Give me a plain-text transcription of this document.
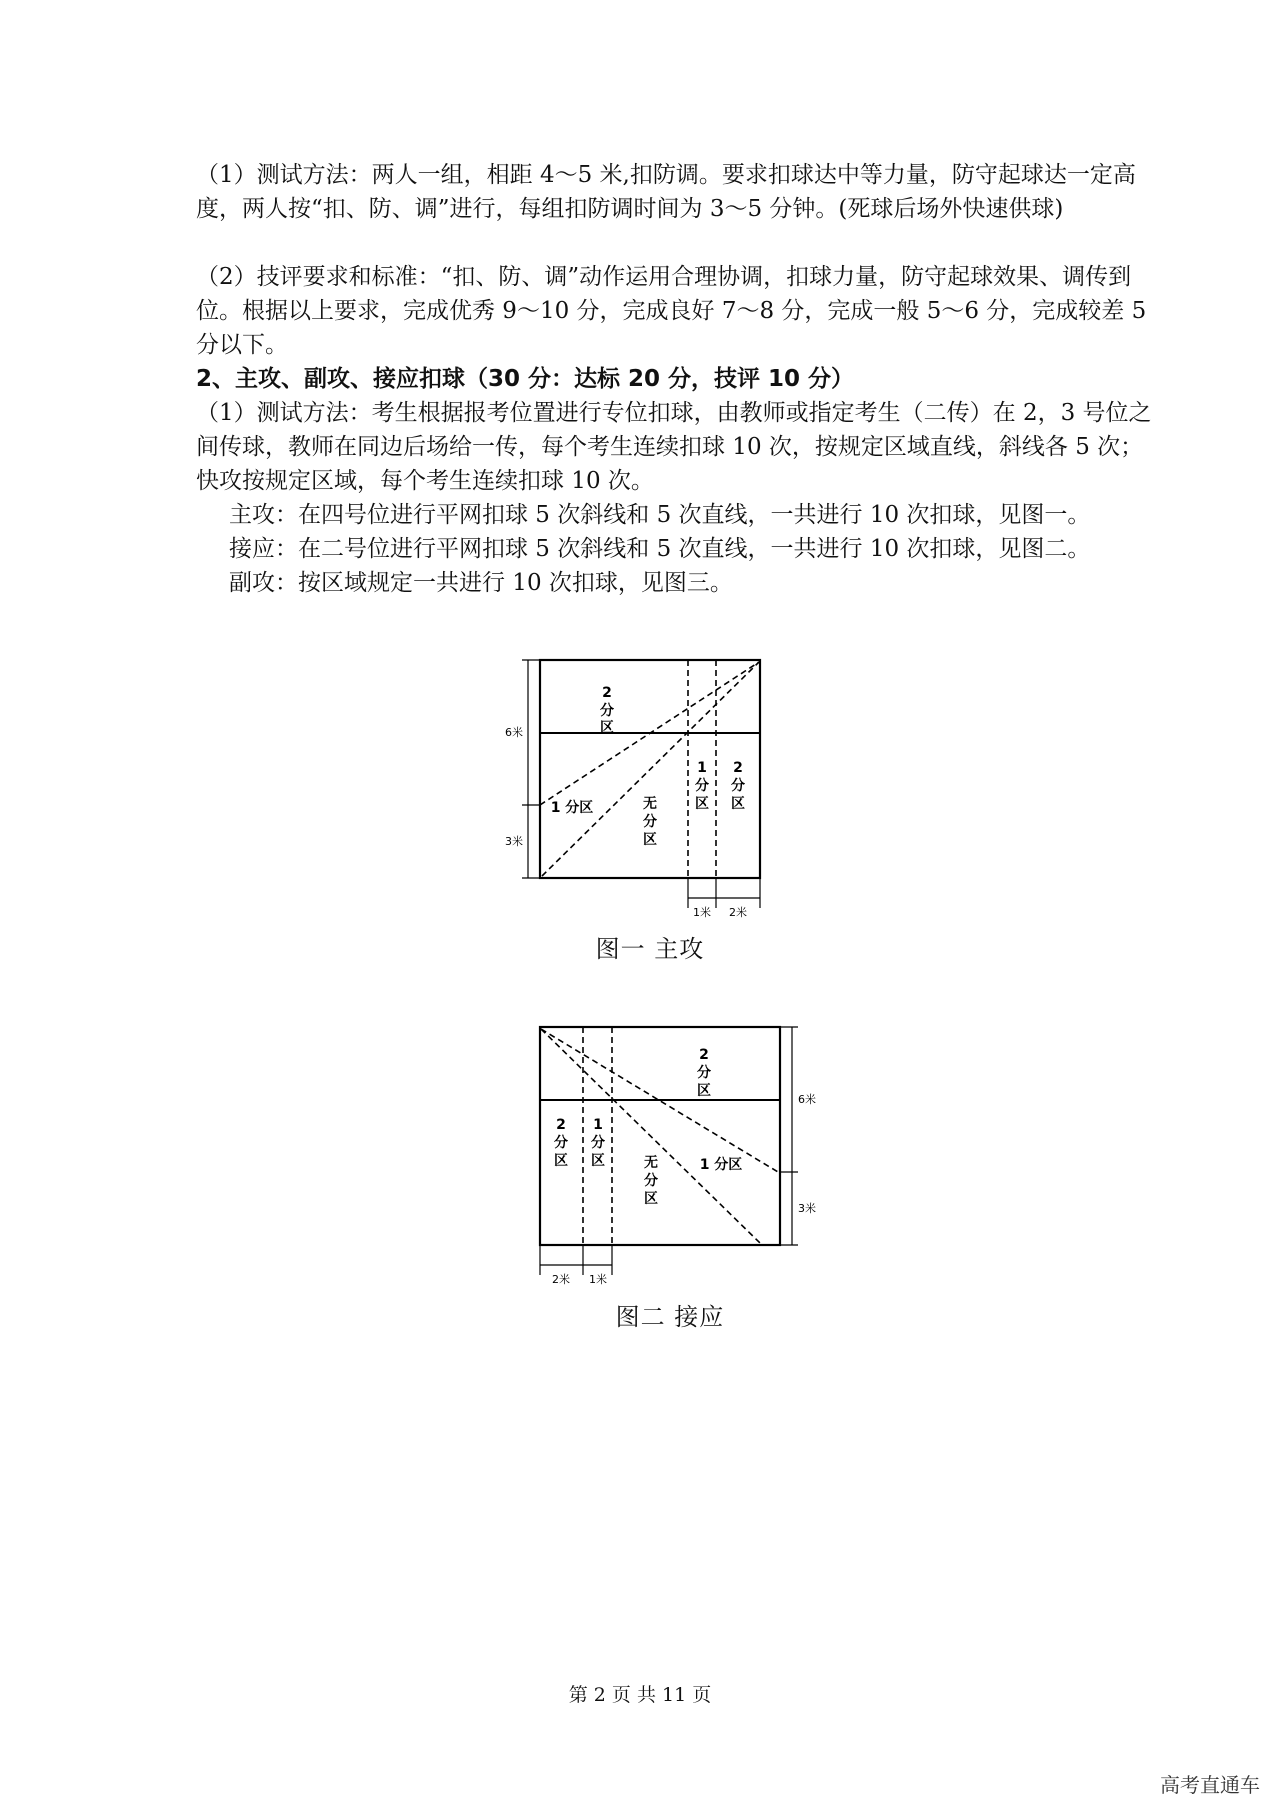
（1）测试方法：两人一组，相距 4～5 米,扣防调。要求扣球达中等力量，防守起球达一定高度，两人按“扣、防、调”进行，每组扣防调时间为 3～5 分钟。(死球后场外快速供球)

（2）技评要求和标准：“扣、防、调”动作运用合理协调，扣球力量，防守起球效果、调传到位。根据以上要求，完成优秀 9～10 分，完成良好 7～8 分，完成一般 5～6 分，完成较差 5 分以下。

2、主攻、副攻、接应扣球（30 分：达标 20 分，技评 10 分）

（1）测试方法：考生根据报考位置进行专位扣球，由教师或指定考生（二传）在 2，3 号位之间传球，教师在同边后场给一传，每个考生连续扣球 10 次，按规定区域直线，斜线各 5 次；快攻按规定区域，每个考生连续扣球 10 次。

主攻：在四号位进行平网扣球 5 次斜线和 5 次直线，一共进行 10 次扣球，见图一。

接应：在二号位进行平网扣球 5 次斜线和 5 次直线，一共进行 10 次扣球，见图二。

副攻：按区域规定一共进行 10 次扣球，见图三。

2
分
区
1
分
区
2
分
区
1 分区	无
分
区
6米
3米
1米 2米
图一 主攻
2
分
区
2
分
区
1
分
区	1 分区
无
分
区
6米
3米
2米 1米
图二 接应
第 2 页 共 11 页
高考直通车
